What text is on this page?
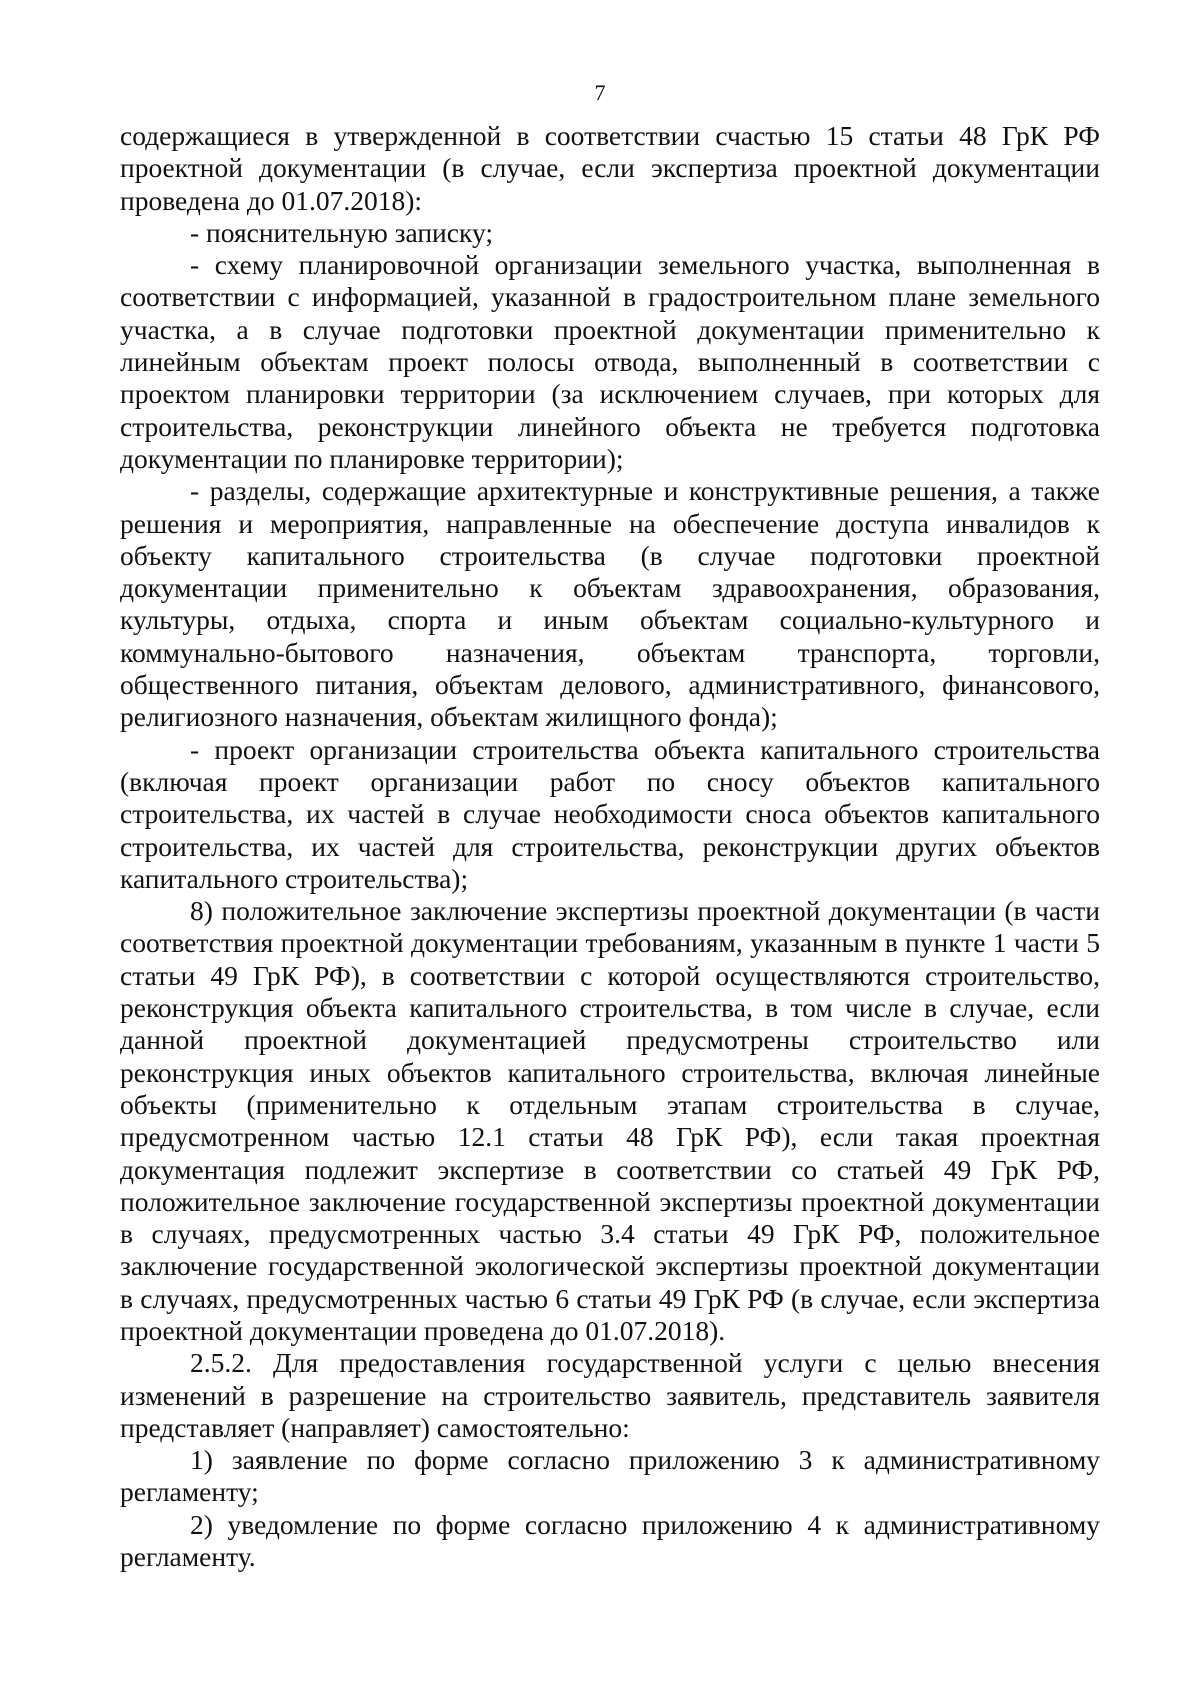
7

содержащиеся в утвержденной в соответствии счастью 15 статьи 48 ГрК РФ проектной документации (в случае, если экспертиза проектной документации проведена до 01.07.2018):

- пояснительную записку;

- схему планировочной организации земельного участка, выполненная в соответствии с информацией, указанной в градостроительном плане земельного участка, а в случае подготовки проектной документации применительно к линейным объектам проект полосы отвода, выполненный в соответствии с проектом планировки территории (за исключением случаев, при которых для строительства, реконструкции линейного объекта не требуется подготовка документации по планировке территории);

- разделы, содержащие архитектурные и конструктивные решения, а также решения и мероприятия, направленные на обеспечение доступа инвалидов к объекту капитального строительства (в случае подготовки проектной документации применительно к объектам здравоохранения, образования, культуры, отдыха, спорта и иным объектам социально-культурного и коммунально-бытового назначения, объектам транспорта, торговли, общественного питания, объектам делового, административного, финансового, религиозного назначения, объектам жилищного фонда);

- проект организации строительства объекта капитального строительства (включая проект организации работ по сносу объектов капитального строительства, их частей в случае необходимости сноса объектов капитального строительства, их частей для строительства, реконструкции других объектов капитального строительства);

8) положительное заключение экспертизы проектной документации (в части соответствия проектной документации требованиям, указанным в пункте 1 части 5 статьи 49 ГрК РФ), в соответствии с которой осуществляются строительство, реконструкция объекта капитального строительства, в том числе в случае, если данной проектной документацией предусмотрены строительство или реконструкция иных объектов капитального строительства, включая линейные объекты (применительно к отдельным этапам строительства в случае, предусмотренном частью 12.1 статьи 48 ГрК РФ), если такая проектная документация подлежит экспертизе в соответствии со статьей 49 ГрК РФ, положительное заключение государственной экспертизы проектной документации в случаях, предусмотренных частью 3.4 статьи 49 ГрК РФ, положительное заключение государственной экологической экспертизы проектной документации в случаях, предусмотренных частью 6 статьи 49 ГрК РФ (в случае, если экспертиза проектной документации проведена до 01.07.2018).

2.5.2. Для предоставления государственной услуги с целью внесения изменений в разрешение на строительство заявитель, представитель заявителя представляет (направляет) самостоятельно:

1) заявление по форме согласно приложению 3 к административному регламенту;

2) уведомление по форме согласно приложению 4 к административному регламенту.
